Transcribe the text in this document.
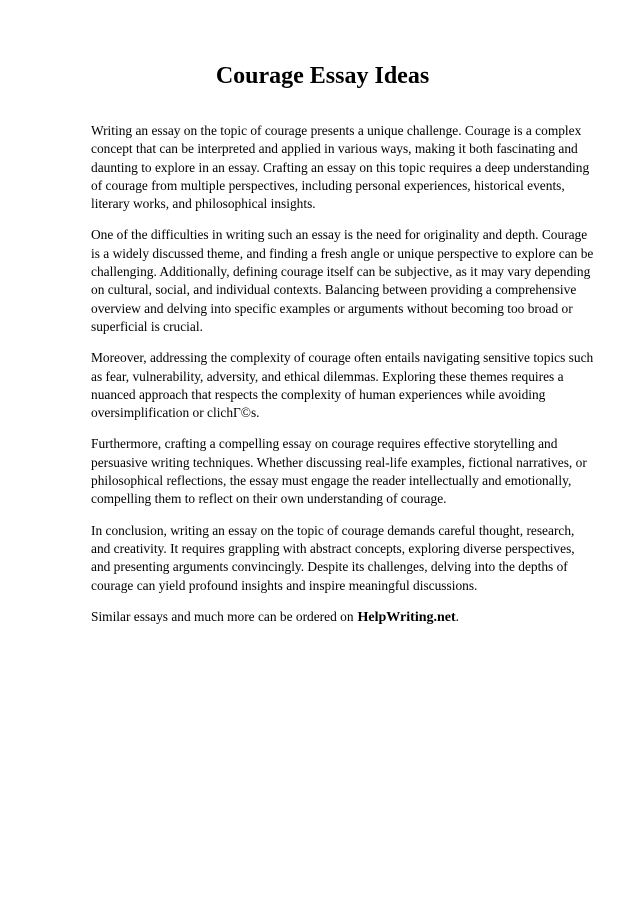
Courage Essay Ideas

Writing an essay on the topic of courage presents a unique challenge. Courage is a complex concept that can be interpreted and applied in various ways, making it both fascinating and daunting to explore in an essay. Crafting an essay on this topic requires a deep understanding of courage from multiple perspectives, including personal experiences, historical events, literary works, and philosophical insights.

One of the difficulties in writing such an essay is the need for originality and depth. Courage is a widely discussed theme, and finding a fresh angle or unique perspective to explore can be challenging. Additionally, defining courage itself can be subjective, as it may vary depending on cultural, social, and individual contexts. Balancing between providing a comprehensive overview and delving into specific examples or arguments without becoming too broad or superficial is crucial.

Moreover, addressing the complexity of courage often entails navigating sensitive topics such as fear, vulnerability, adversity, and ethical dilemmas. Exploring these themes requires a nuanced approach that respects the complexity of human experiences while avoiding oversimplification or clichГ©s.

Furthermore, crafting a compelling essay on courage requires effective storytelling and persuasive writing techniques. Whether discussing real-life examples, fictional narratives, or philosophical reflections, the essay must engage the reader intellectually and emotionally, compelling them to reflect on their own understanding of courage.

In conclusion, writing an essay on the topic of courage demands careful thought, research, and creativity. It requires grappling with abstract concepts, exploring diverse perspectives, and presenting arguments convincingly. Despite its challenges, delving into the depths of courage can yield profound insights and inspire meaningful discussions.

Similar essays and much more can be ordered on HelpWriting.net.
